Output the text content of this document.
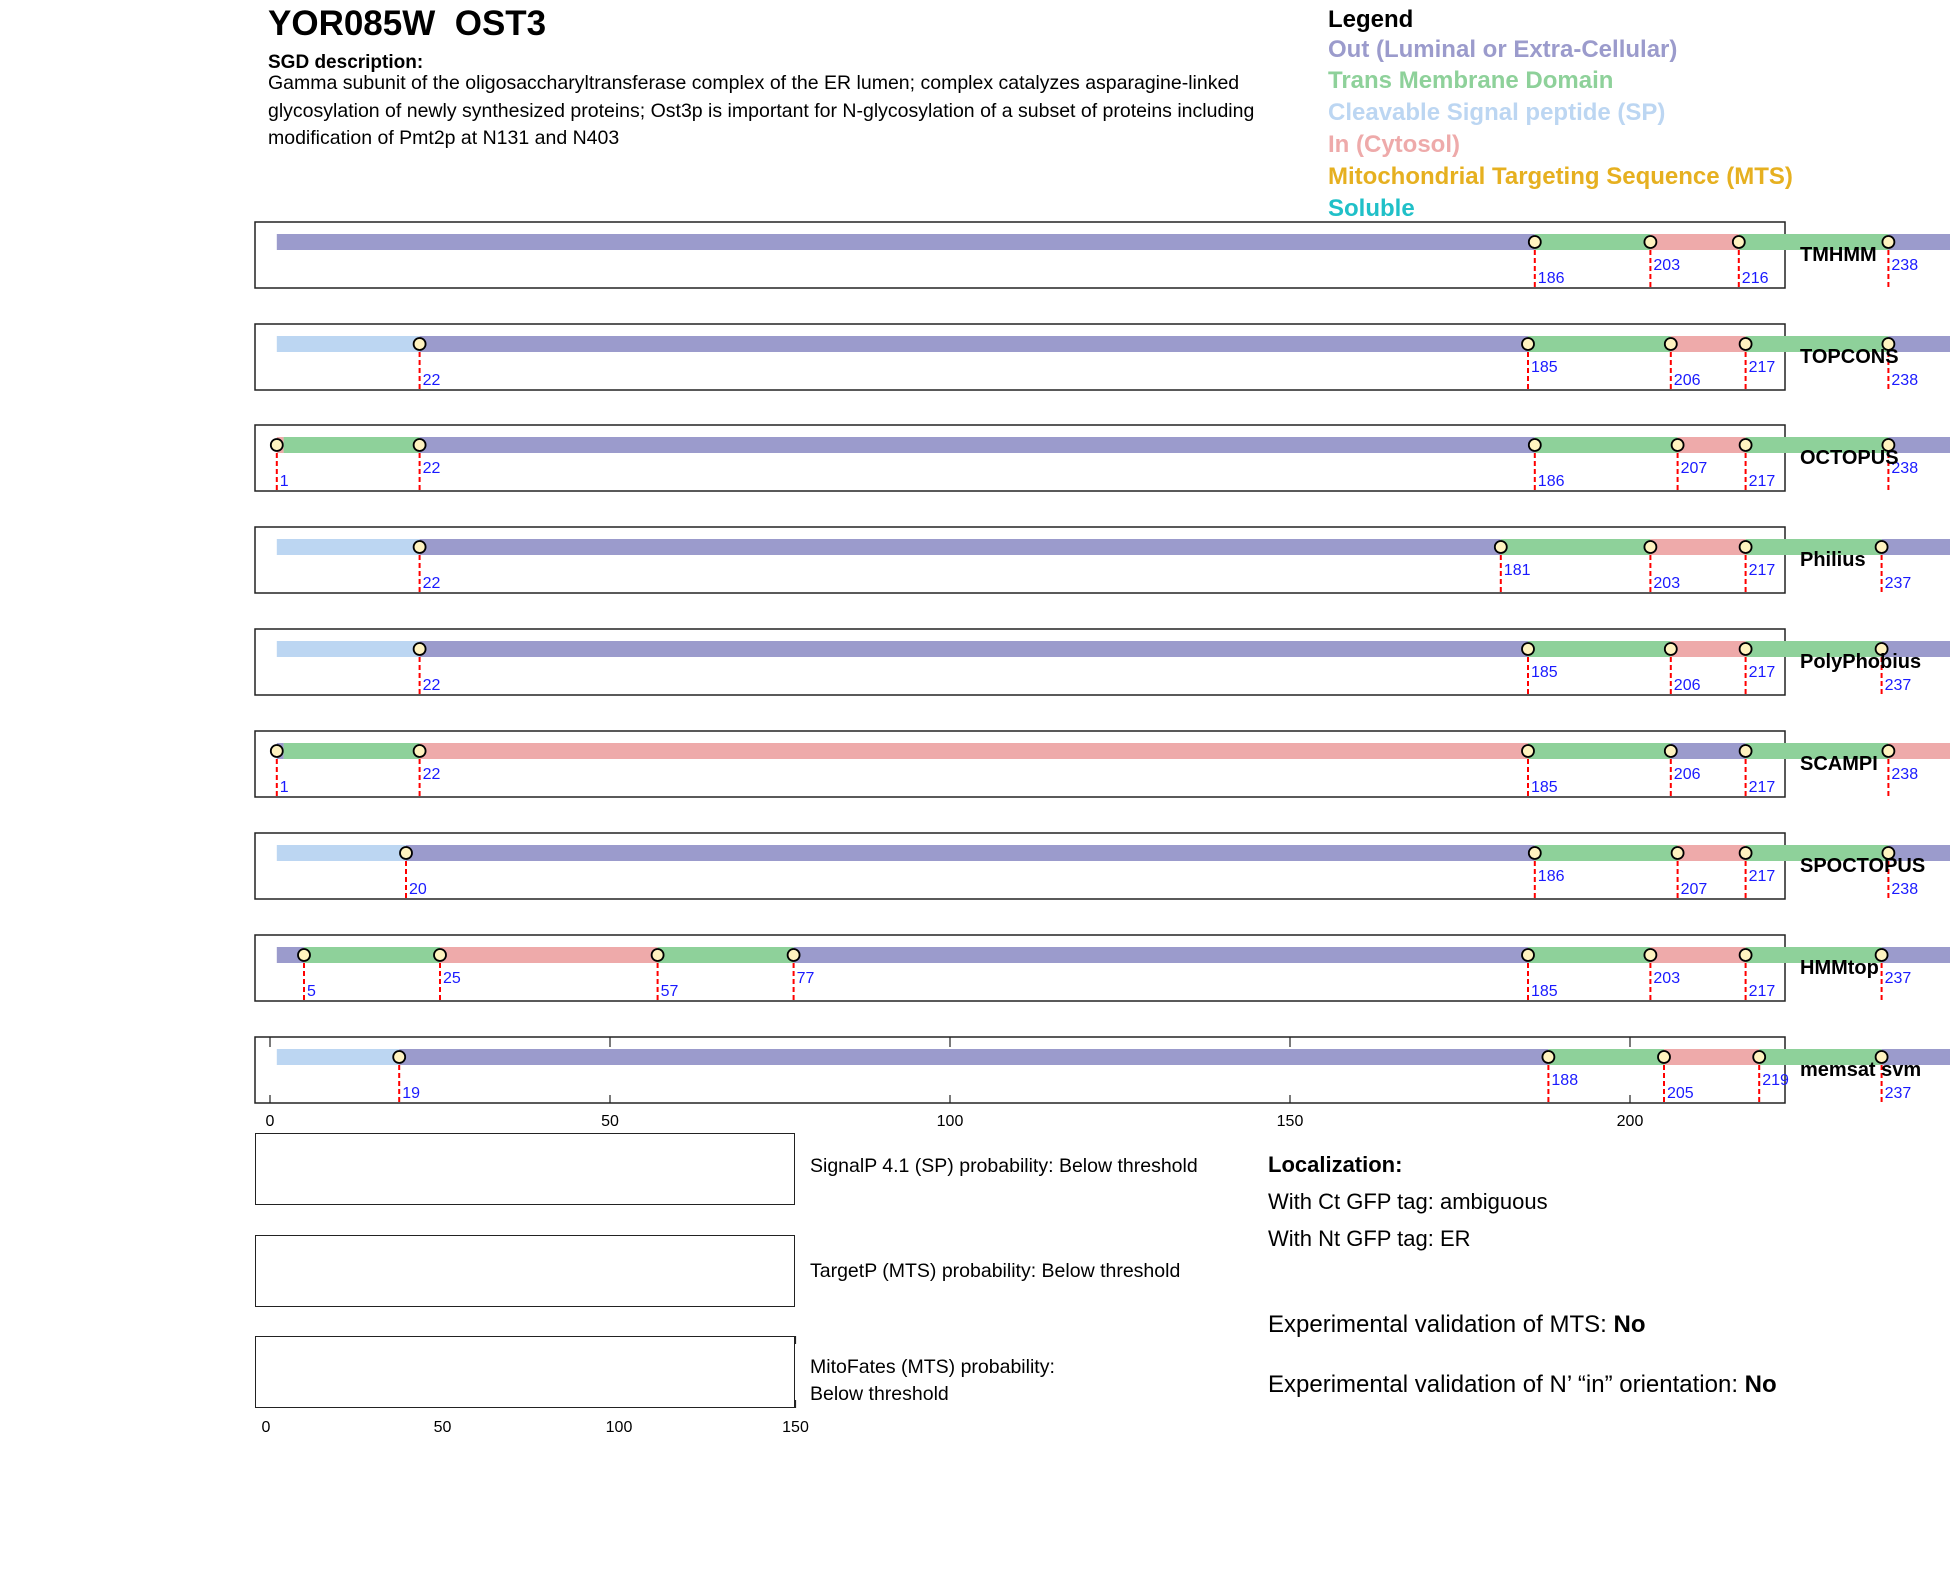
YOR085W  OST3
SGD description:
Gamma subunit of the oligosaccharyltransferase complex of the ER lumen; complex catalyzes asparagine-linked glycosylation of newly synthesized proteins; Ost3p is important for N-glycosylation of a subset of proteins including modification of Pmt2p at N131 and N403
Legend
Out (Luminal or Extra-Cellular)
Trans Membrane Domain
Cleavable Signal peptide (SP)
In (Cytosol)
Mitochondrial Targeting Sequence (MTS)
Soluble
186
203
216
238
TMHMM
22
185
206
217
238
TOPCONS
1
22
186
207
217
238
OCTOPUS
22
181
203
217
237
Philius
22
185
206
217
237
PolyPhobius
1
22
185
206
217
238
SCAMPI
20
186
207
217
238
SPOCTOPUS
5
25
57
77
185
203
217
237
HMMtop
19
188
205
219
237
memsat svm
0	50	100	150	200
0	50	100	150
SignalP 4.1 (SP) probability: Below threshold
TargetP (MTS) probability: Below threshold
MitoFates (MTS) probability: Below threshold
Localization:
With Ct GFP tag: ambiguous
With Nt GFP tag: ER
Experimental validation of MTS: No
Experimental validation of N’ “in” orientation: No
